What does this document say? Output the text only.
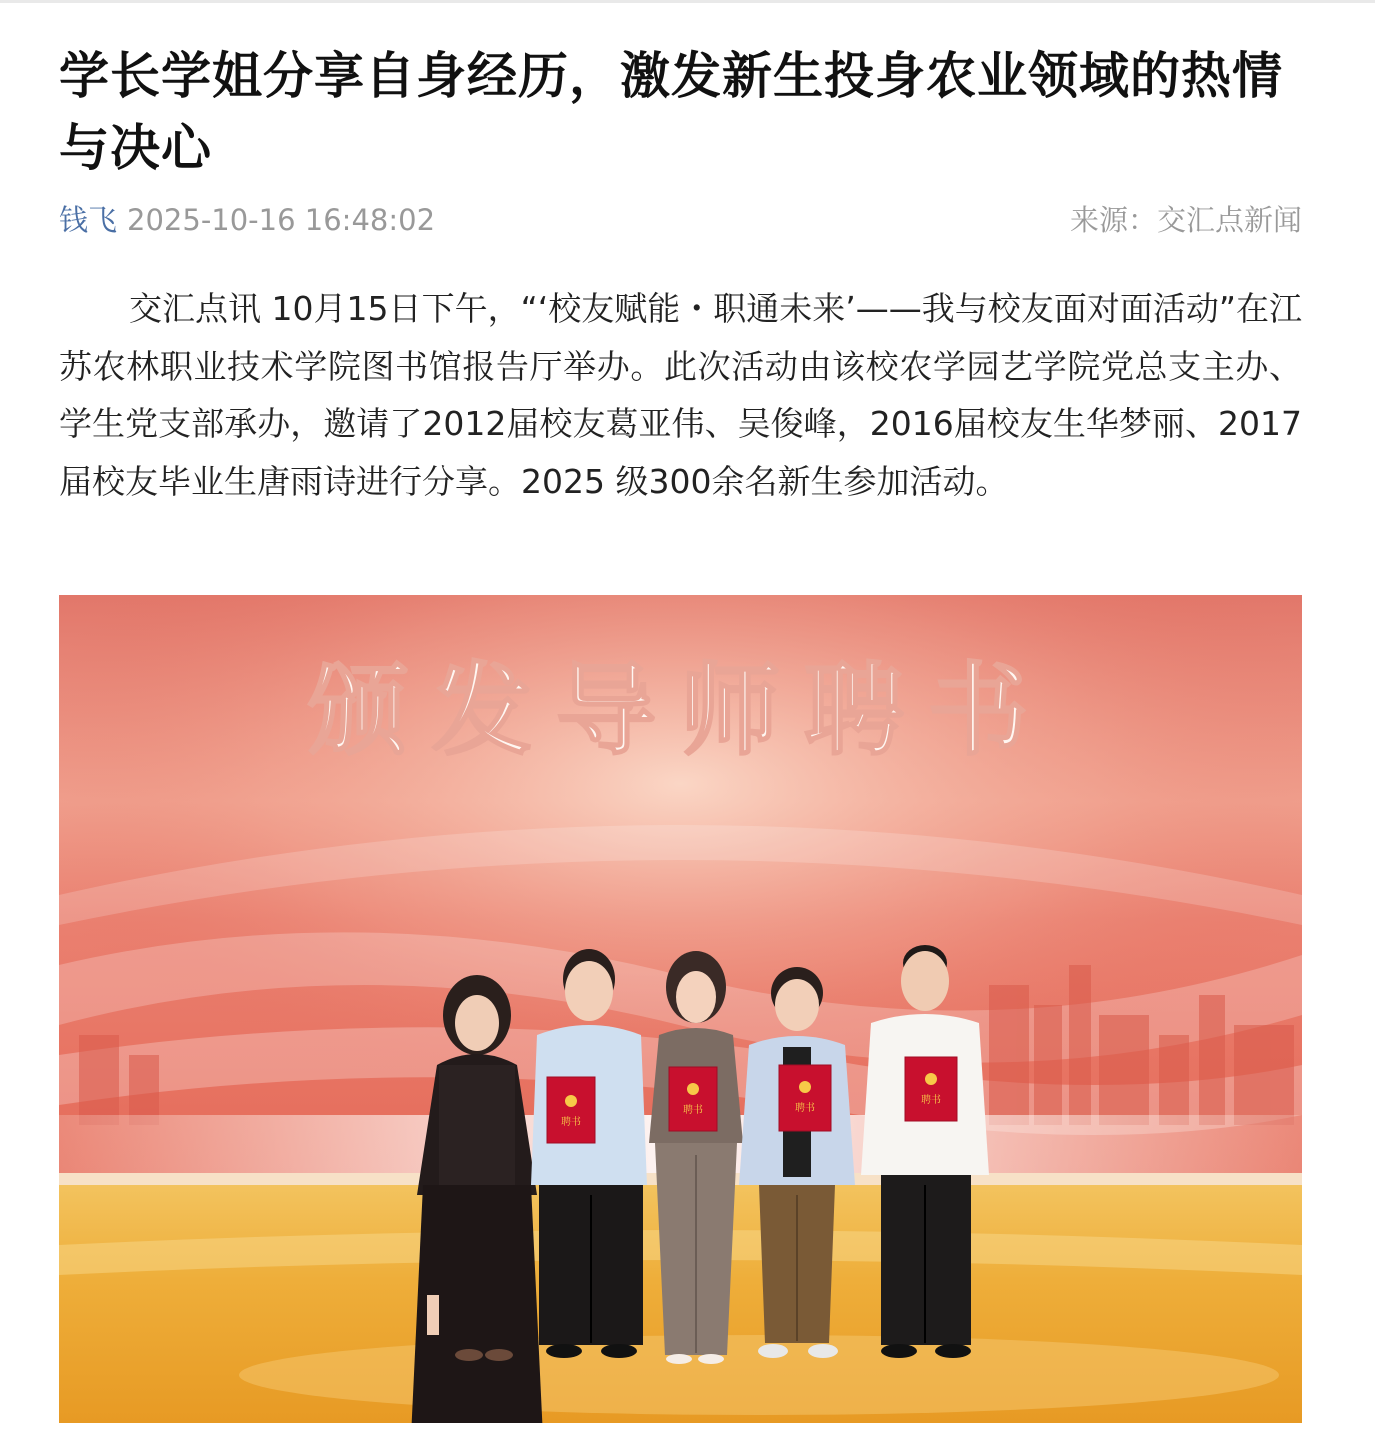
学长学姐分享自身经历，激发新生投身农业领域的热情与决心
钱飞 2025-10-16 16:48:02	来源：交汇点新闻

交汇点讯 10月15日下午，“‘校友赋能・职通未来’——我与校友面对面活动”在江苏农林职业技术学院图书馆报告厅举办。此次活动由该校农学园艺学院党总支主办、学生党支部承办，邀请了2012届校友葛亚伟、吴俊峰，2016届校友生华梦丽、2017届校友毕业生唐雨诗进行分享。2025 级300余名新生参加活动。

颁发导师聘书
聘书
聘书	聘书
聘书
